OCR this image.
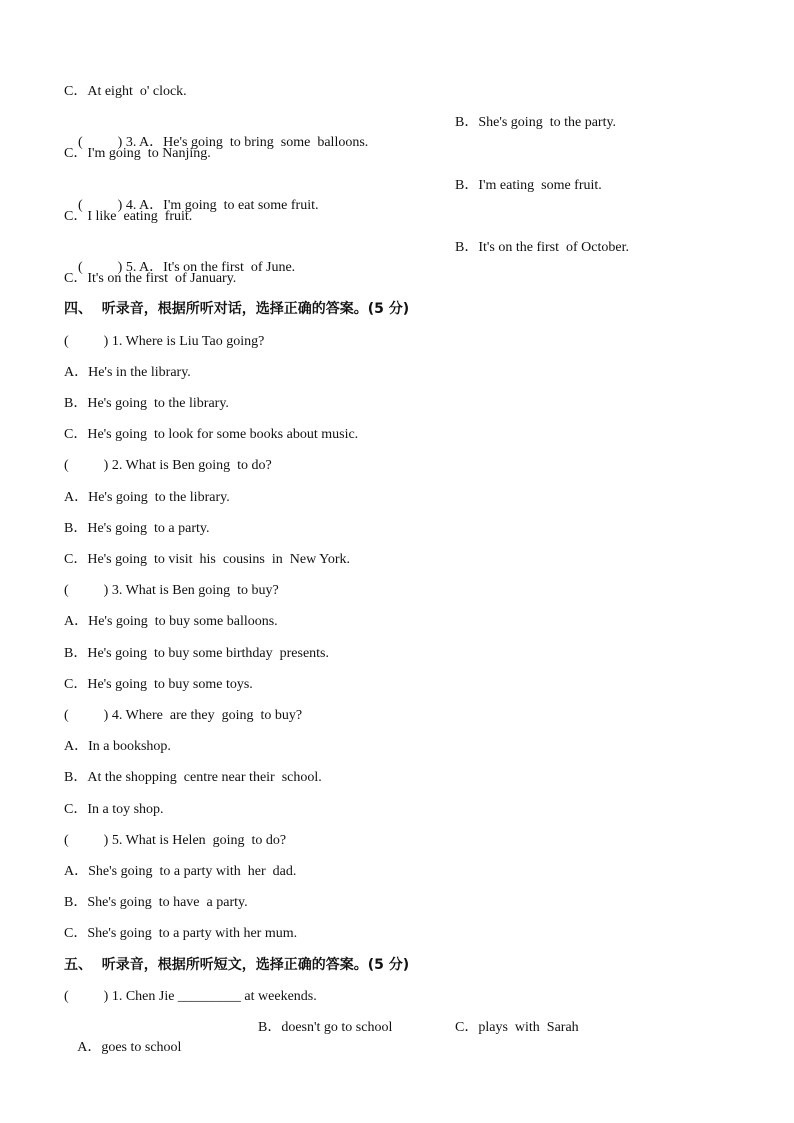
C．At eight  o' clock.

(          ) 3. A．He's going  to bring  some  balloons.

B．She's going  to the party.

C．I'm going  to Nanjing.

(          ) 4. A．I'm going  to eat some fruit.

B．I'm eating  some fruit.

C．I like  eating  fruit.

(          ) 5. A．It's on the first  of June.

B．It's on the first  of October.

C．It's on the first  of January.
四、  听录音，根据所听对话，选择正确的答案。(5 分)
(          ) 1. Where is Liu Tao going?
A．He's in the library.
B．He's going  to the library.
C．He's going  to look for some books about music.
(          ) 2. What is Ben going  to do?
A．He's going  to the library.
B．He's going  to a party.
C．He's going  to visit  his  cousins  in  New York.
(          ) 3. What is Ben going  to buy?
A．He's going  to buy some balloons.
B．He's going  to buy some birthday  presents.
C．He's going  to buy some toys.
(          ) 4. Where  are they  going  to buy?
A．In a bookshop.
B．At the shopping  centre near their  school.
C．In a toy shop.
(          ) 5. What is Helen  going  to do?
A．She's going  to a party with  her  dad.
B．She's going  to have  a party.
C．She's going  to a party with her mum.
五、  听录音，根据所听短文，选择正确的答案。(5 分)
(          ) 1. Chen Jie _________ at weekends.

A．goes to school

B．doesn't go to school

	C．plays  with  Sarah
